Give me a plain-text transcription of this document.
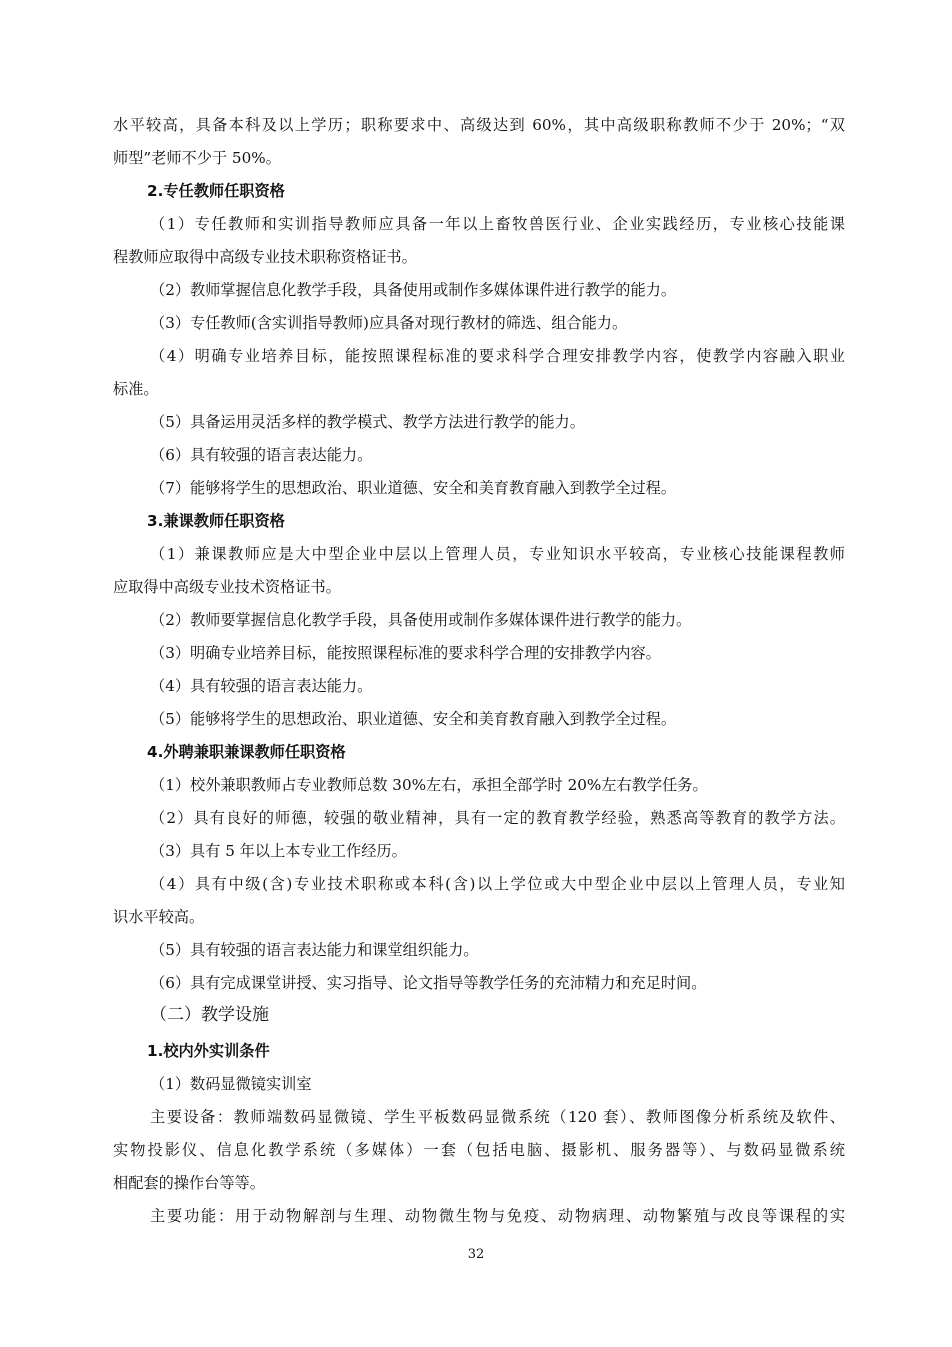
水平较高，具备本科及以上学历；职称要求中、高级达到 60%，其中高级职称教师不少于 20%；“双
师型”老师不少于 50%。
2.专任教师任职资格
（1）专任教师和实训指导教师应具备一年以上畜牧兽医行业、企业实践经历，专业核心技能课
程教师应取得中高级专业技术职称资格证书。
（2）教师掌握信息化教学手段，具备使用或制作多媒体课件进行教学的能力。
（3）专任教师(含实训指导教师)应具备对现行教材的筛选、组合能力。
（4）明确专业培养目标，能按照课程标准的要求科学合理安排教学内容，使教学内容融入职业
标准。
（5）具备运用灵活多样的教学模式、教学方法进行教学的能力。
（6）具有较强的语言表达能力。
（7）能够将学生的思想政治、职业道德、安全和美育教育融入到教学全过程。
3.兼课教师任职资格
（1）兼课教师应是大中型企业中层以上管理人员，专业知识水平较高，专业核心技能课程教师
应取得中高级专业技术资格证书。
（2）教师要掌握信息化教学手段，具备使用或制作多媒体课件进行教学的能力。
（3）明确专业培养目标，能按照课程标准的要求科学合理的安排教学内容。
（4）具有较强的语言表达能力。
（5）能够将学生的思想政治、职业道德、安全和美育教育融入到教学全过程。
4.外聘兼职兼课教师任职资格
（1）校外兼职教师占专业教师总数 30%左右，承担全部学时 20%左右教学任务。
（2）具有良好的师德，较强的敬业精神，具有一定的教育教学经验，熟悉高等教育的教学方法。
（3）具有 5 年以上本专业工作经历。
（4）具有中级(含)专业技术职称或本科(含)以上学位或大中型企业中层以上管理人员，专业知
识水平较高。
（5）具有较强的语言表达能力和课堂组织能力。
（6）具有完成课堂讲授、实习指导、论文指导等教学任务的充沛精力和充足时间。
（二）教学设施
1.校内外实训条件
（1）数码显微镜实训室
主要设备：教师端数码显微镜、学生平板数码显微系统（120 套）、教师图像分析系统及软件、
实物投影仪、信息化教学系统（多媒体）一套（包括电脑、摄影机、服务器等）、与数码显微系统
相配套的操作台等等。
主要功能：用于动物解剖与生理、动物微生物与免疫、动物病理、动物繁殖与改良等课程的实
32
